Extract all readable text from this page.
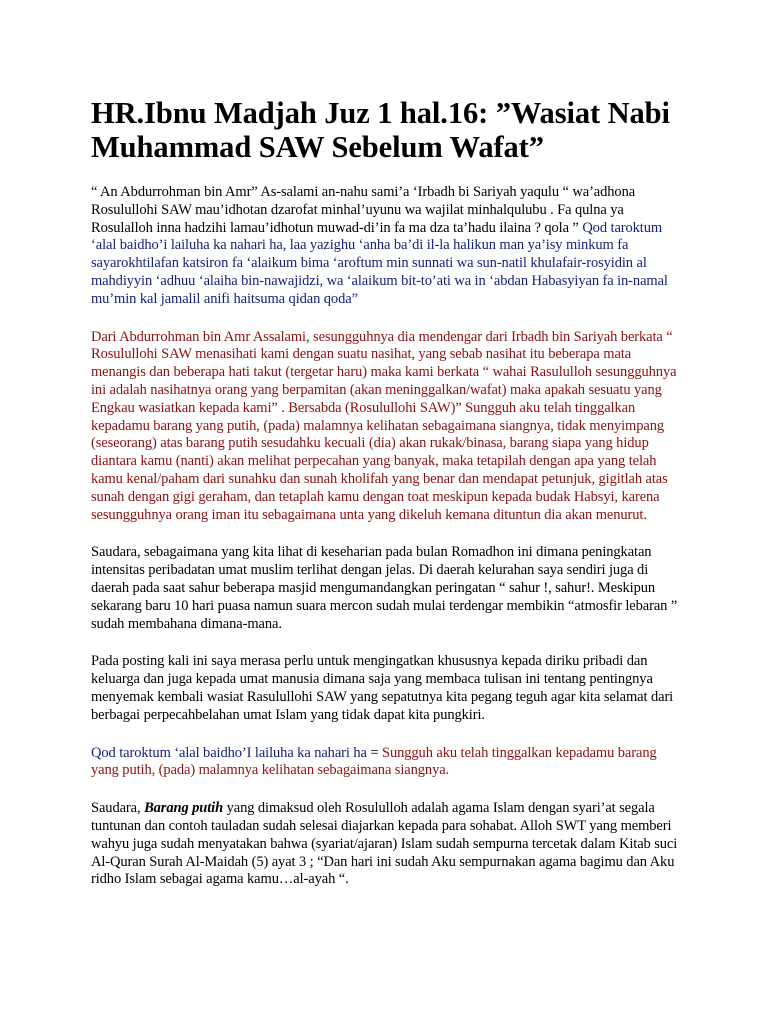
HR.Ibnu Madjah Juz 1 hal.16: ”Wasiat Nabi Muhammad SAW Sebelum Wafat”

“ An Abdurrohman bin Amr” As-salami an-nahu sami’a ‘Irbadh bi Sariyah yaqulu “ wa’adhona Rosulullohi SAW mau’idhotan dzarofat minhal’uyunu wa wajilat minhalqulubu . Fa qulna ya Rosulalloh inna hadzihi lamau’idhotun muwad-di’in fa ma dza ta’hadu ilaina ? qola ” Qod taroktum ‘alal baidho’i lailuha ka nahari ha, laa yazighu ‘anha ba’di il-la halikun man ya’isy minkum fa sayarokhtilafan katsiron fa ‘alaikum bima ‘aroftum min sunnati wa sun-natil khulafair-rosyidin al mahdiyyin ‘adhuu ‘alaiha bin-nawajidzi, wa ‘alaikum bit-to’ati wa in ‘abdan Habasyiyan fa in-namal mu’min kal jamalil anifi haitsuma qidan qoda”

Dari Abdurrohman bin Amr Assalami, sesungguhnya dia mendengar dari Irbadh bin Sariyah berkata “ Rosulullohi SAW menasihati kami dengan suatu nasihat, yang sebab nasihat itu beberapa mata menangis dan beberapa hati takut (tergetar haru) maka kami berkata “ wahai Rasululloh sesungguhnya ini adalah nasihatnya orang yang berpamitan (akan meninggalkan/wafat) maka apakah sesuatu yang Engkau wasiatkan kepada kami” . Bersabda (Rosulullohi SAW)” Sungguh aku telah tinggalkan kepadamu barang yang putih, (pada) malamnya kelihatan sebagaimana siangnya, tidak menyimpang (seseorang) atas barang putih sesudahku kecuali (dia) akan rukak/binasa, barang siapa yang hidup diantara kamu (nanti) akan melihat perpecahan yang banyak, maka tetapilah dengan apa yang telah kamu kenal/paham dari sunahku dan sunah kholifah yang benar dan mendapat petunjuk, gigitlah atas sunah dengan gigi geraham, dan tetaplah kamu dengan toat meskipun kepada budak Habsyi, karena sesungguhnya orang iman itu sebagaimana unta yang dikeluh kemana dituntun dia akan menurut.

Saudara, sebagaimana yang kita lihat di keseharian pada bulan Romadhon ini dimana peningkatan intensitas peribadatan umat muslim terlihat dengan jelas. Di daerah kelurahan saya sendiri juga di daerah pada saat sahur beberapa masjid mengumandangkan peringatan “ sahur !, sahur!. Meskipun sekarang baru 10 hari puasa namun suara mercon sudah mulai terdengar membikin “atmosfir lebaran ” sudah membahana dimana-mana.

Pada posting kali ini saya merasa perlu untuk mengingatkan khususnya kepada diriku pribadi dan keluarga dan juga kepada umat manusia dimana saja yang membaca tulisan ini tentang pentingnya menyemak kembali wasiat Rasulullohi SAW yang sepatutnya kita pegang teguh agar kita selamat dari berbagai perpecahbelahan umat Islam yang tidak dapat kita pungkiri.

Qod taroktum ‘alal baidho’I lailuha ka nahari ha = Sungguh aku telah tinggalkan kepadamu barang yang putih, (pada) malamnya kelihatan sebagaimana siangnya.

Saudara, Barang putih yang dimaksud oleh Rosululloh adalah agama Islam dengan syari’at segala tuntunan dan contoh tauladan sudah selesai diajarkan kepada para sohabat. Alloh SWT yang memberi wahyu juga sudah menyatakan bahwa (syariat/ajaran) Islam sudah sempurna tercetak dalam Kitab suci Al-Quran Surah Al-Maidah (5) ayat 3 ; “Dan hari ini sudah Aku sempurnakan agama bagimu dan Aku ridho Islam sebagai agama kamu…al-ayah “.
